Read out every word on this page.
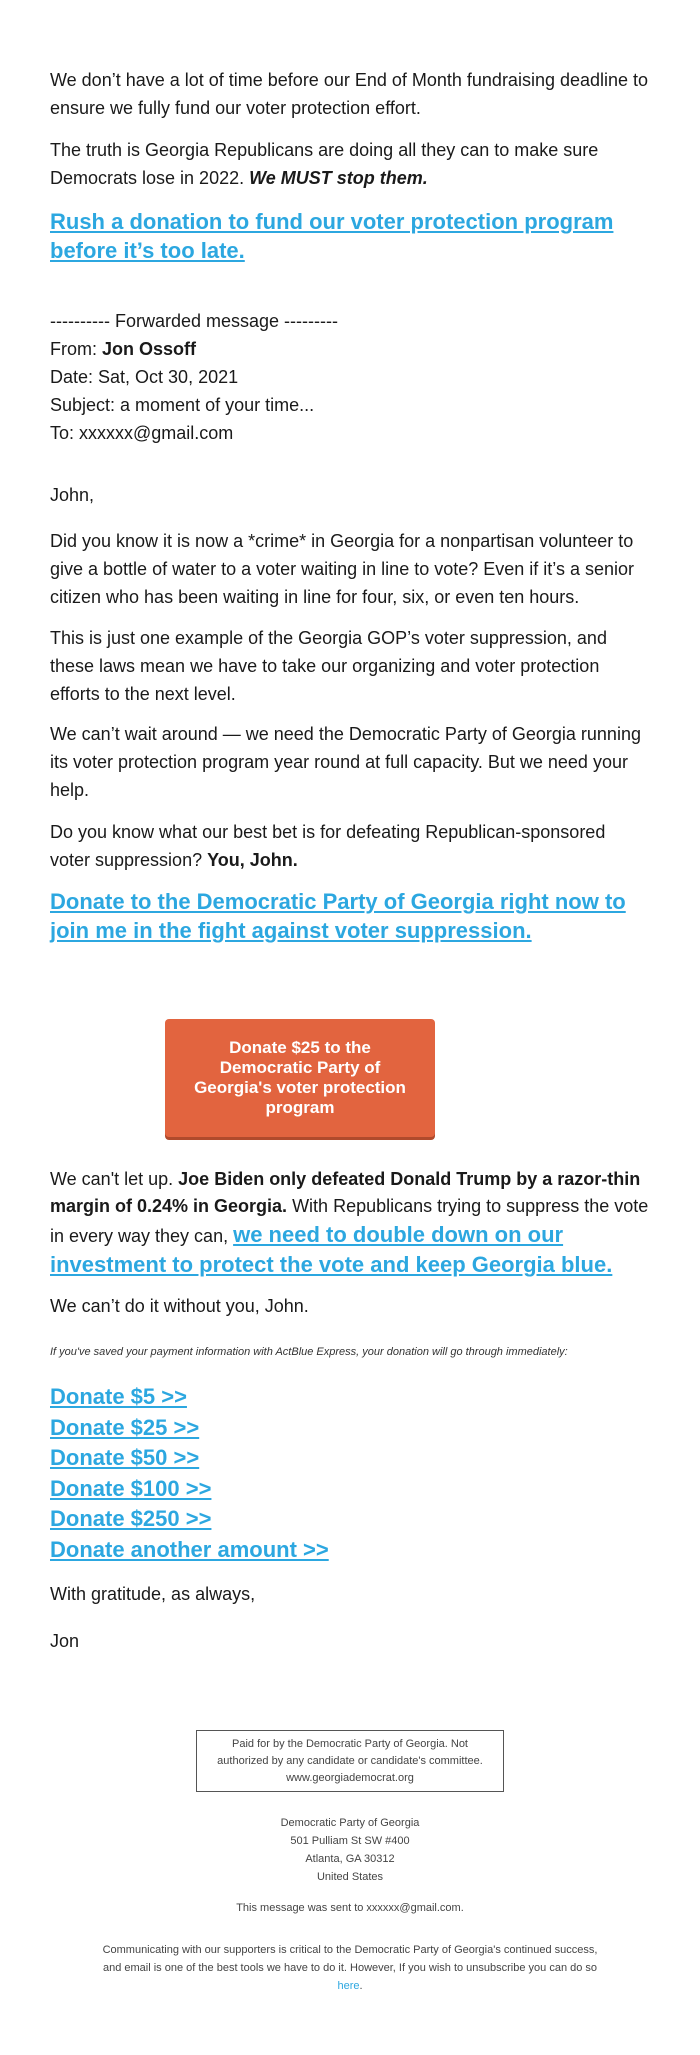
We don’t have a lot of time before our End of Month fundraising deadline to ensure we fully fund our voter protection effort.

The truth is Georgia Republicans are doing all they can to make sure Democrats lose in 2022. We MUST stop them.

Rush a donation to fund our voter protection program before it’s too late.

---------- Forwarded message ---------

From: Jon Ossoff

Date: Sat, Oct 30, 2021

Subject: a moment of your time...

To: xxxxxx@gmail.com

John,

Did you know it is now a *crime* in Georgia for a nonpartisan volunteer to give a bottle of water to a voter waiting in line to vote? Even if it’s a senior citizen who has been waiting in line for four, six, or even ten hours.

This is just one example of the Georgia GOP’s voter suppression, and these laws mean we have to take our organizing and voter protection efforts to the next level.

We can’t wait around — we need the Democratic Party of Georgia running its voter protection program year round at full capacity. But we need your help.

Do you know what our best bet is for defeating Republican-sponsored voter suppression? You, John.

Donate to the Democratic Party of Georgia right now to join me in the fight against voter suppression.
Donate $25 to the Democratic Party of Georgia's voter protection program

We can't let up. Joe Biden only defeated Donald Trump by a razor-thin margin of 0.24% in Georgia. With Republicans trying to suppress the vote in every way they can, we need to double down on our investment to protect the vote and keep Georgia blue.

We can’t do it without you, John.

If you've saved your payment information with ActBlue Express, your donation will go through immediately:

Donate $5 >>
Donate $25 >>
Donate $50 >>
Donate $100 >>
Donate $250 >>
Donate another amount >>

With gratitude, as always,

Jon

Paid for by the Democratic Party of Georgia. Not
authorized by any candidate or candidate's committee.
www.georgiademocrat.org
Democratic Party of Georgia
501 Pulliam St SW #400
Atlanta, GA 30312
United States
This message was sent to xxxxxx@gmail.com.
Communicating with our supporters is critical to the Democratic Party of Georgia's continued success, and email is one of the best tools we have to do it. However, If you wish to unsubscribe you can do so here.
